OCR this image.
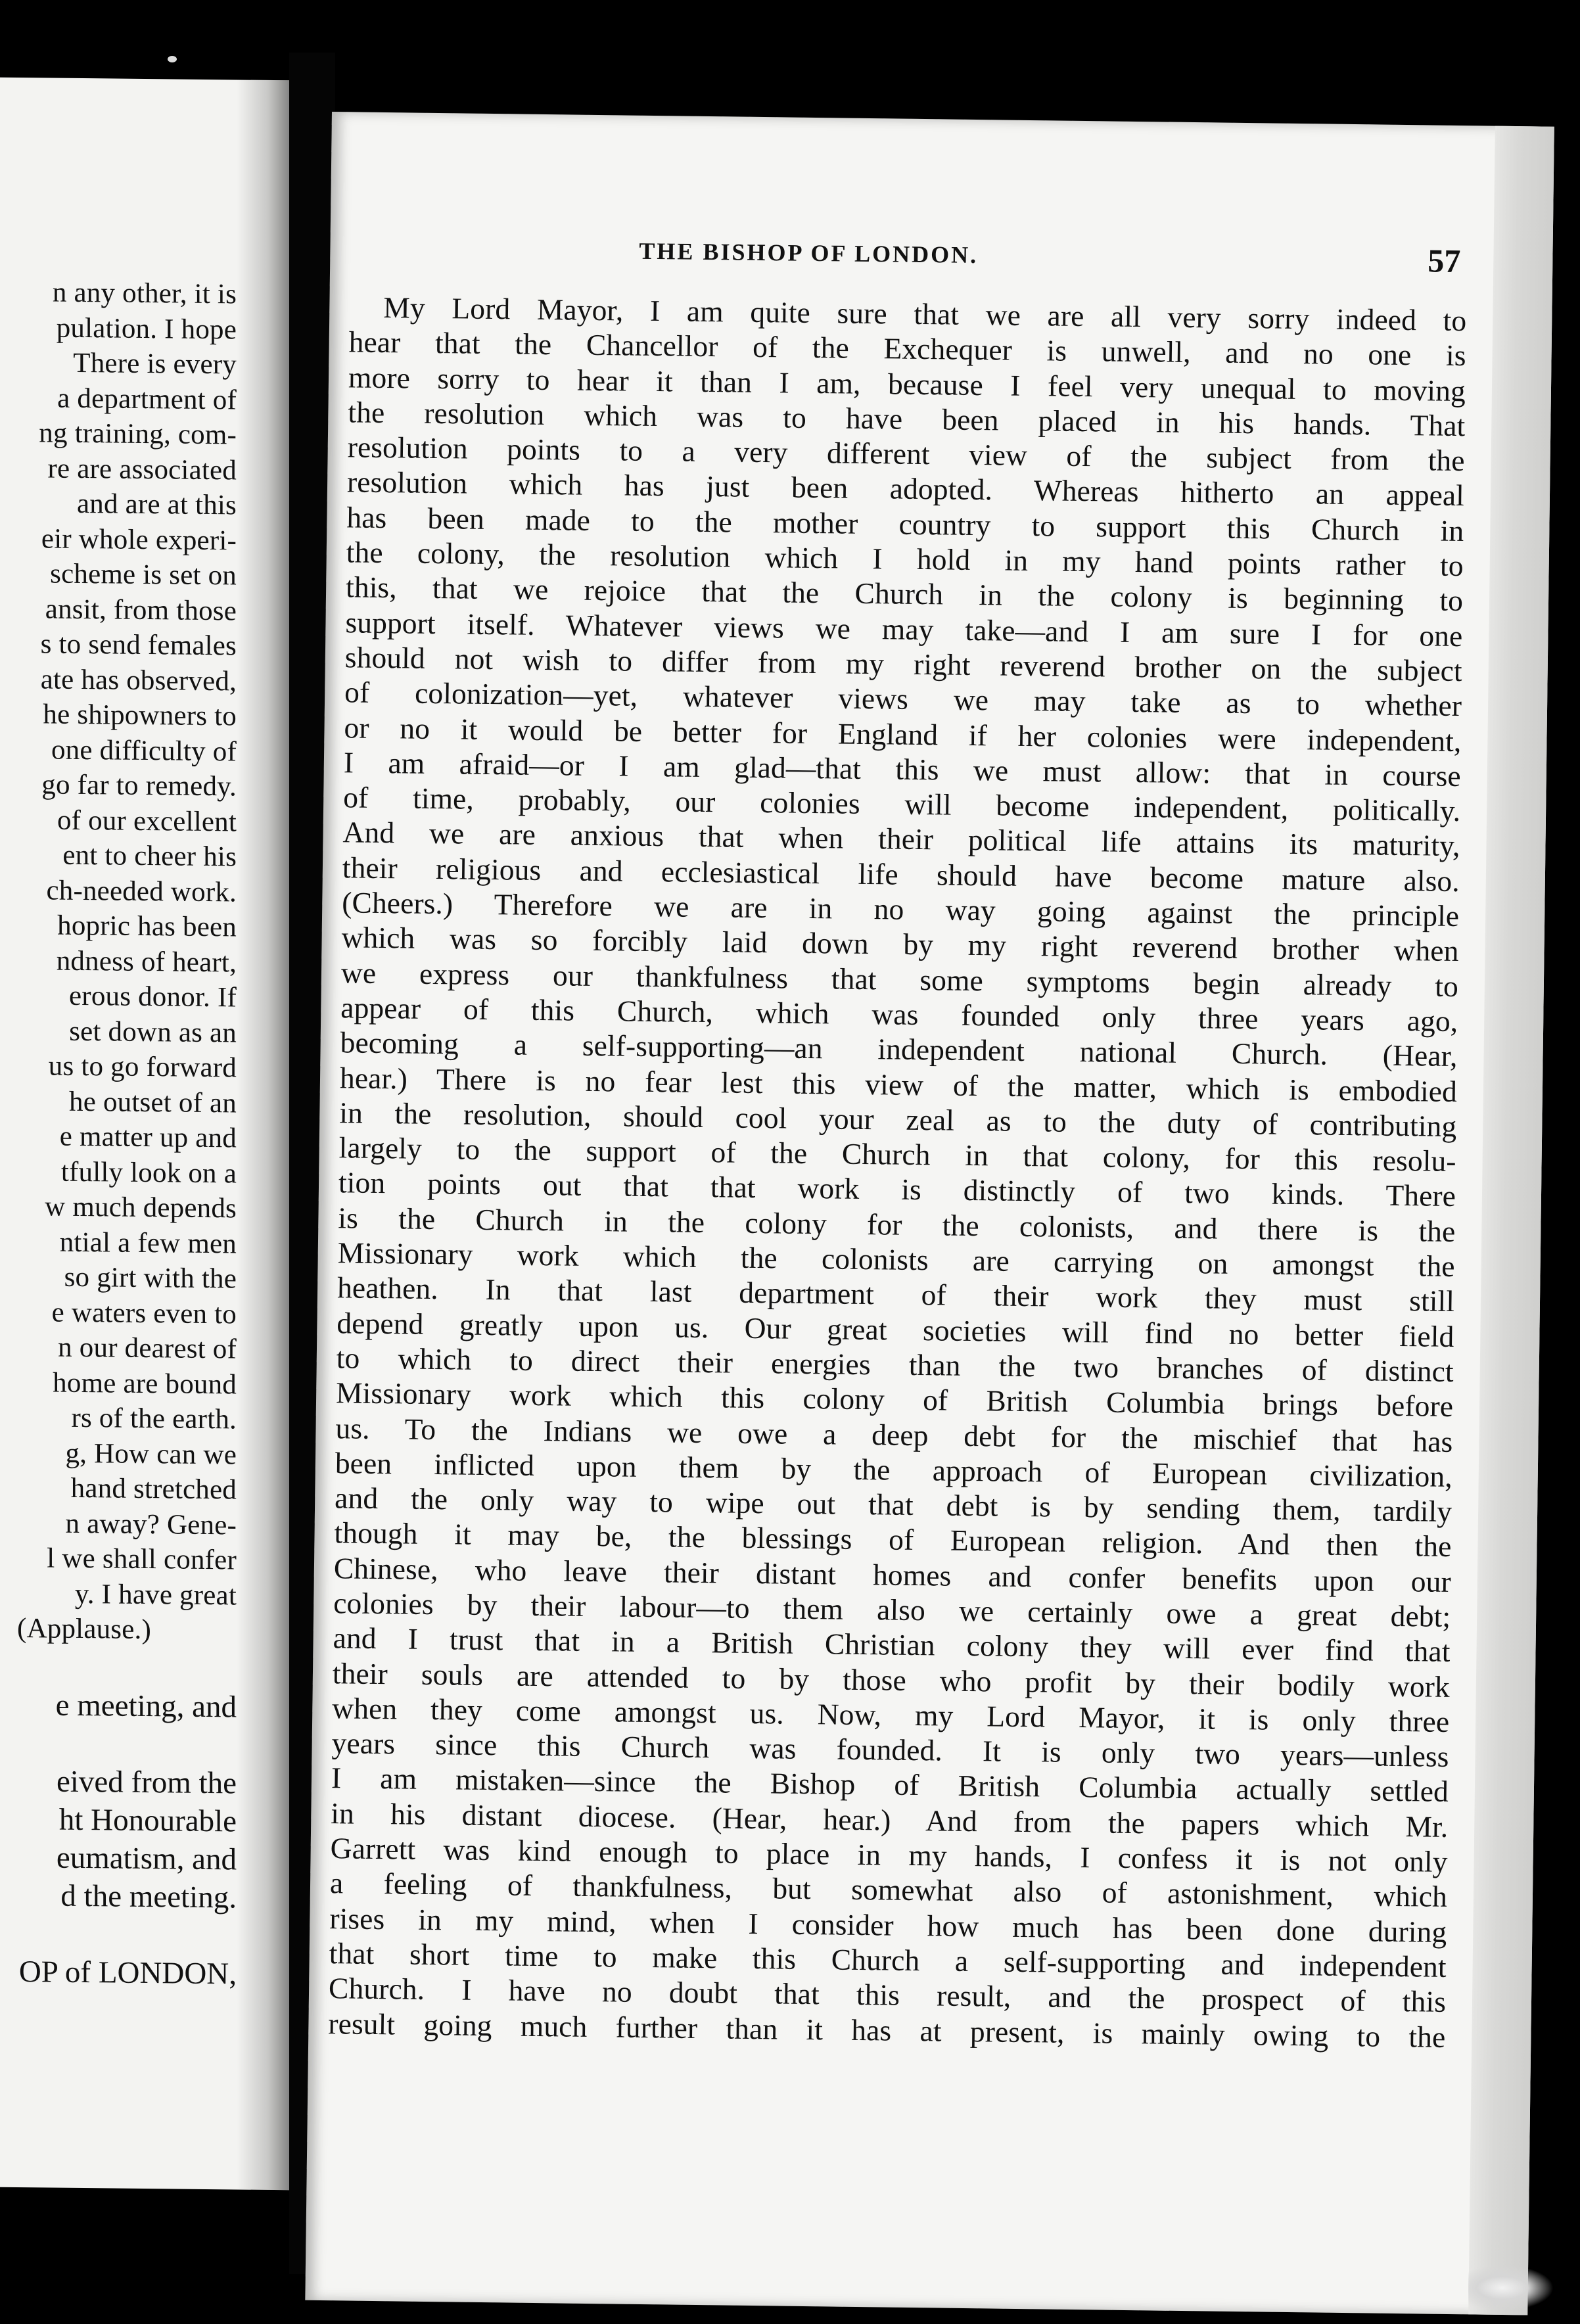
n any other, it is
pulation. I hope
There is every
a department of
ng training, com-
re are associated
and are at this
eir whole experi-
scheme is set on
ansit, from those
s to send females
ate has observed,
he shipowners to
one difficulty of
go far to remedy.
of our excellent
ent to cheer his
ch-needed work.
hopric has been
ndness of heart,
erous donor. If
set down as an
us to go forward
he outset of an
e matter up and
tfully look on a
w much depends
ntial a few men
so girt with the
e waters even to
n our dearest of
home are bound
rs of the earth.
g, How can we
hand stretched
n away? Gene-
l we shall confer
y. I have great
(Applause.)
e meeting, and

eived from the
ht Honourable
eumatism, and
d the meeting.

OP of LONDON,
THE BISHOP OF LONDON.	57
My Lord Mayor, I am quite sure that we are all very sorry indeed to
hear that the Chancellor of the Exchequer is unwell, and no one is
more sorry to hear it than I am, because I feel very unequal to moving
the resolution which was to have been placed in his hands. That
resolution points to a very different view of the subject from the
resolution which has just been adopted. Whereas hitherto an appeal
has been made to the mother country to support this Church in
the colony, the resolution which I hold in my hand points rather to
this, that we rejoice that the Church in the colony is beginning to
support itself. Whatever views we may take—and I am sure I for one
should not wish to differ from my right reverend brother on the subject
of colonization—yet, whatever views we may take as to whether
or no it would be better for England if her colonies were independent,
I am afraid—or I am glad—that this we must allow: that in course
of time, probably, our colonies will become independent, politically.
And we are anxious that when their political life attains its maturity,
their religious and ecclesiastical life should have become mature also.
(Cheers.) Therefore we are in no way going against the principle
which was so forcibly laid down by my right reverend brother when
we express our thankfulness that some symptoms begin already to
appear of this Church, which was founded only three years ago,
becoming a self-supporting—an independent national Church. (Hear,
hear.) There is no fear lest this view of the matter, which is embodied
in the resolution, should cool your zeal as to the duty of contributing
largely to the support of the Church in that colony, for this resolu-
tion points out that that work is distinctly of two kinds. There
is the Church in the colony for the colonists, and there is the
Missionary work which the colonists are carrying on amongst the
heathen. In that last department of their work they must still
depend greatly upon us. Our great societies will find no better field
to which to direct their energies than the two branches of distinct
Missionary work which this colony of British Columbia brings before
us. To the Indians we owe a deep debt for the mischief that has
been inflicted upon them by the approach of European civilization,
and the only way to wipe out that debt is by sending them, tardily
though it may be, the blessings of European religion. And then the
Chinese, who leave their distant homes and confer benefits upon our
colonies by their labour—to them also we certainly owe a great debt;
and I trust that in a British Christian colony they will ever find that
their souls are attended to by those who profit by their bodily work
when they come amongst us. Now, my Lord Mayor, it is only three
years since this Church was founded. It is only two years—unless
I am mistaken—since the Bishop of British Columbia actually settled
in his distant diocese. (Hear, hear.) And from the papers which Mr.
Garrett was kind enough to place in my hands, I confess it is not only
a feeling of thankfulness, but somewhat also of astonishment, which
rises in my mind, when I consider how much has been done during
that short time to make this Church a self-supporting and independent
Church. I have no doubt that this result, and the prospect of this
result going much further than it has at present, is mainly owing to the
